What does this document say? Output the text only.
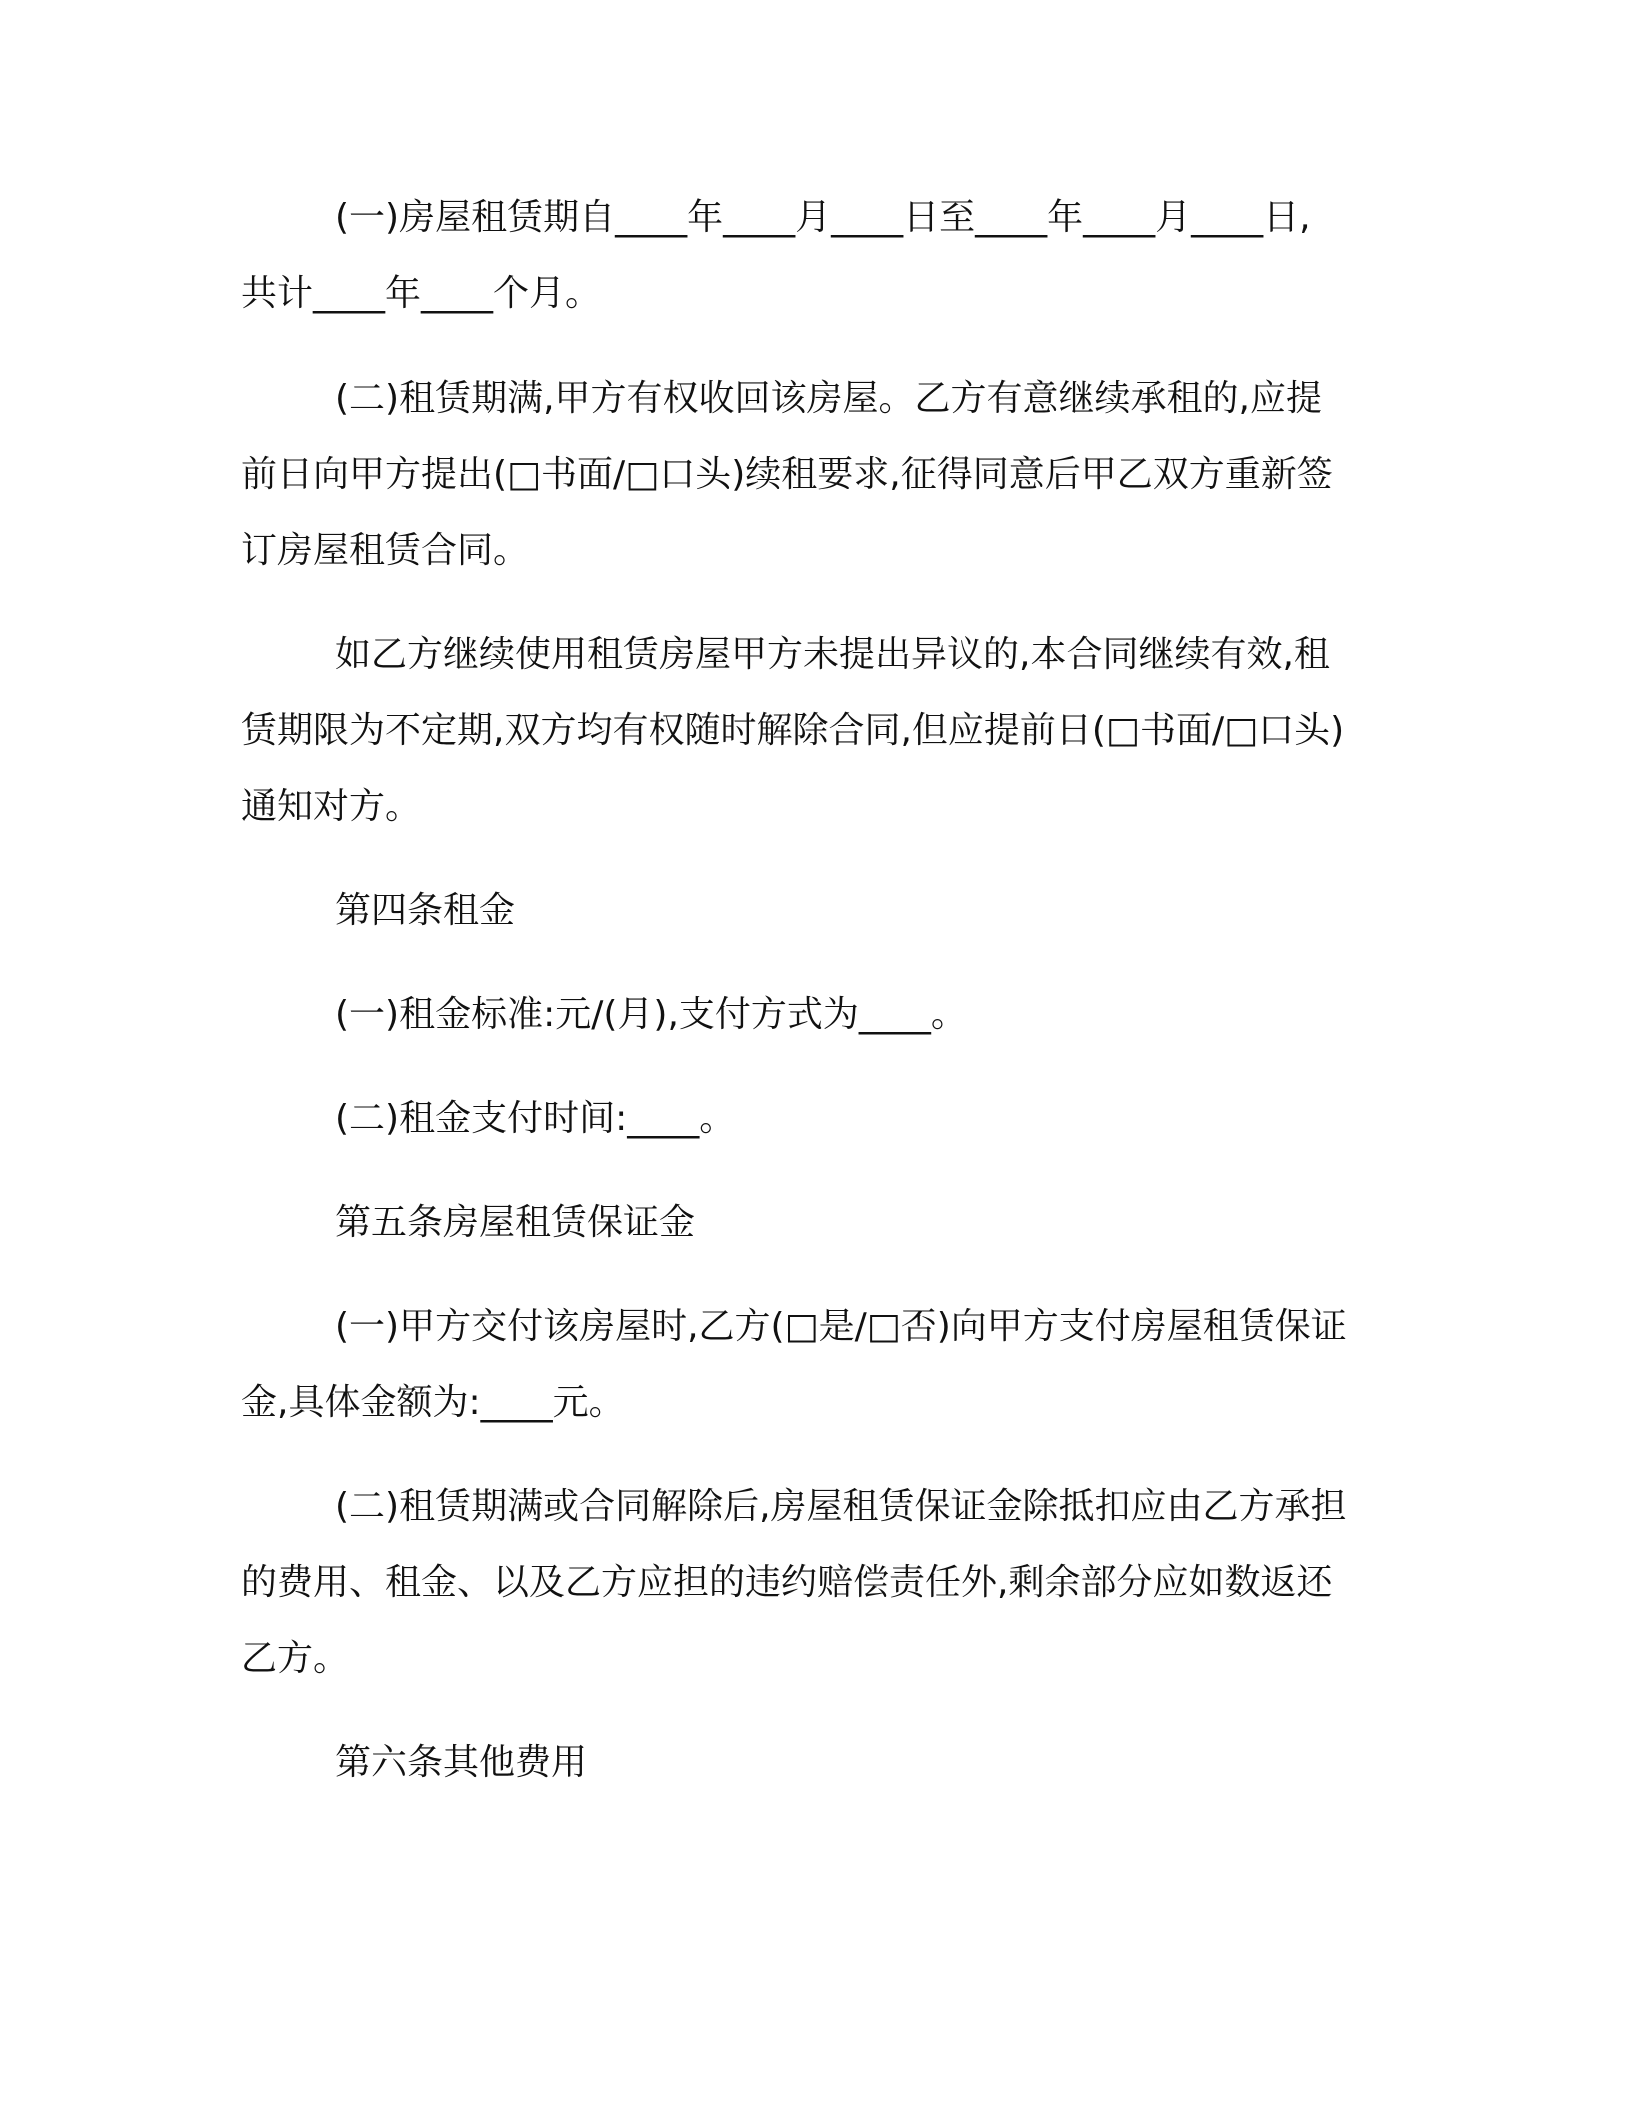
(一)房屋租赁期自____年____月____日至____年____月____日,
共计____年____个月。
(二)租赁期满,甲方有权收回该房屋。乙方有意继续承租的,应提
前日向甲方提出(□书面/□口头)续租要求,征得同意后甲乙双方重新签
订房屋租赁合同。
如乙方继续使用租赁房屋甲方未提出异议的,本合同继续有效,租
赁期限为不定期,双方均有权随时解除合同,但应提前日(□书面/□口头)
通知对方。
第四条租金
(一)租金标准:元/(月),支付方式为____。
(二)租金支付时间:____。
第五条房屋租赁保证金
(一)甲方交付该房屋时,乙方(□是/□否)向甲方支付房屋租赁保证
金,具体金额为:____元。
(二)租赁期满或合同解除后,房屋租赁保证金除抵扣应由乙方承担
的费用、租金、以及乙方应担的违约赔偿责任外,剩余部分应如数返还
乙方。
第六条其他费用
